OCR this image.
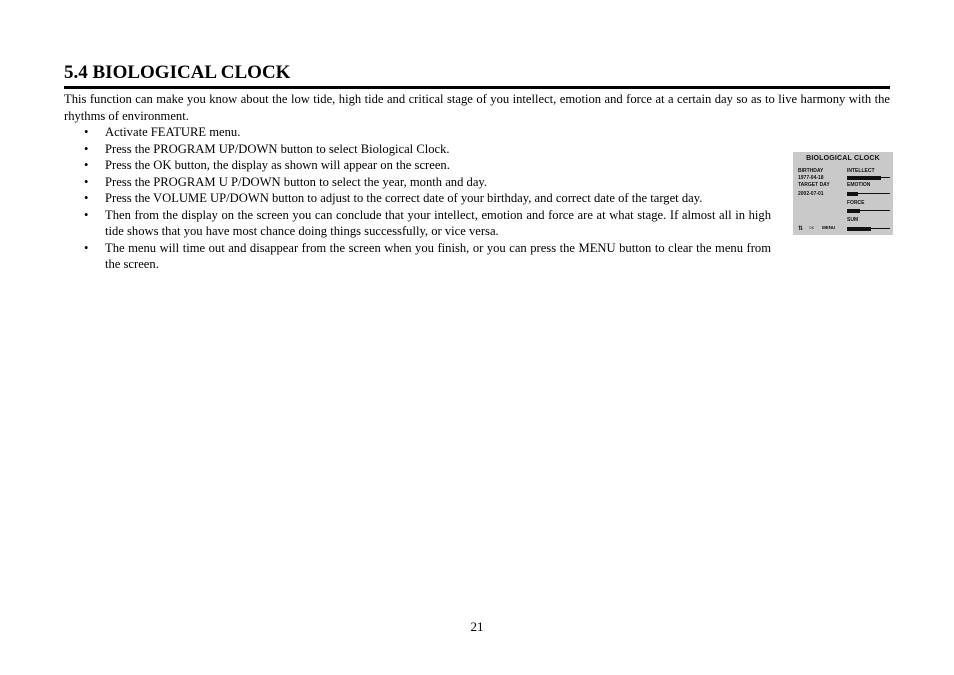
5.4 BIOLOGICAL CLOCK
This function can make you know about the low tide, high tide and critical stage of you intellect, emotion and force at a certain day so as to live harmony with the rhythms of environment.
• Activate FEATURE menu.
• Press the PROGRAM UP/DOWN button to select Biological Clock.
• Press the OK button, the display as shown will appear on the screen.
• Press the PROGRAM U P/DOWN button to select the year, month and day.
• Press the VOLUME UP/DOWN button to adjust to the correct date of your birthday, and correct date of the target day.
• Then from the display on the screen you can conclude that your intellect, emotion and force are at what stage. If almost all in high tide shows that you have most chance doing things successfully, or vice versa.
• The menu will time out and disappear from the screen when you finish, or you can press the MENU button to clear the menu from the screen.
BIOLOGICAL CLOCK
BIRTHDAY
1977-04-18
TARGET DAY
2002-07-01
INTELLECT
EMOTION
FORCE
SUM
⇅ OK MENU
21
